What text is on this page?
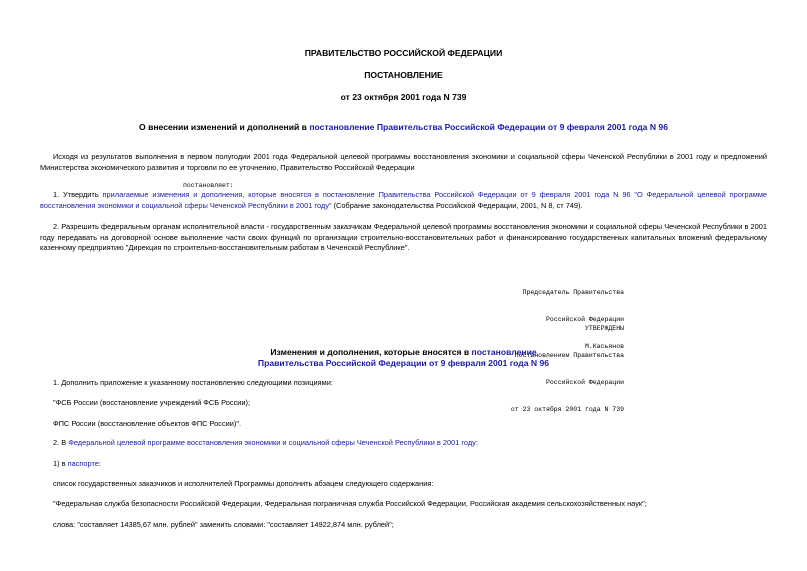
ПРАВИТЕЛЬСТВО РОССИЙСКОЙ ФЕДЕРАЦИИ
ПОСТАНОВЛЕНИЕ
от 23 октября 2001 года N 739
О внесении изменений и дополнений в постановление Правительства Российской Федерации от 9 февраля 2001 года N 96
Исходя из результатов выполнения в первом полугодии 2001 года Федеральной целевой программы восстановления экономики и социальной сферы Чеченской Республики в 2001 году и предложений Министерства экономического развития и торговли по ее уточнению, Правительство Российской Федерации
постановляет:
1. Утвердить прилагаемые изменения и дополнения, которые вносятся в постановление Правительства Российской Федерации от 9 февраля 2001 года N 96 "О Федеральной целевой программе восстановления экономики и социальной сферы Чеченской Республики в 2001 году" (Собрание законодательства Российской Федерации, 2001, N 8, ст 749).
2. Разрешить федеральным органам исполнительной власти - государственным заказчикам Федеральной целевой программы восстановления экономики и социальной сферы Чеченской Республики в 2001 году передавать на договорной основе выполнение части своих функций по организации строительно-восстановительных работ и финансированию государственных капитальных вложений федеральному казенному предприятию "Дирекция по строительно-восстановительным работам в Чеченской Республике".

Председатель Правительства

Российской Федерации

М.Касьянов

УТВЕРЖДЕНЫ

постановлением Правительства

Российской Федерации

от 23 октября 2001 года N 739

Изменения и дополнения, которые вносятся в постановление
Правительства Российской Федерации от 9 февраля 2001 года N 96
1. Дополнить приложение к указанному постановлению следующими позициями:
"ФСБ России (восстановление учреждений ФСБ России);
ФПС России (восстановление объектов ФПС России)".
2. В Федеральной целевой программе восстановления экономики и социальной сферы Чеченской Республики в 2001 году:
1) в паспорте:
список государственных заказчиков и исполнителей Программы дополнить абзацем следующего содержания:
"Федеральная служба безопасности Российской Федерации, Федеральная пограничная служба Российской Федерации, Российская академия сельскохозяйственных наук";
слова: "составляет 14385,67 млн. рублей" заменить словами: "составляет 14922,874 млн. рублей";
